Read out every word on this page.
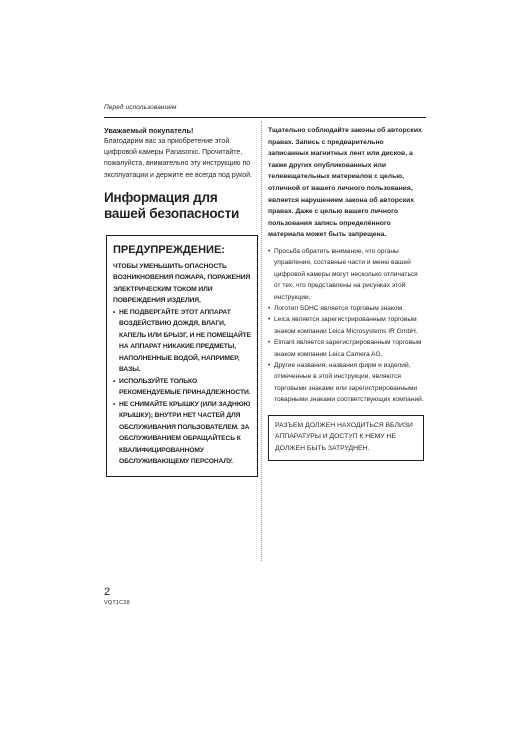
Перед использованием
Уважаемый покупатель!
Благодарим вас за приобретение этой цифровой камеры Panasonic. Прочитайте, пожалуйста, внимательно эту инструкцию по эксплуатации и держите ее всегда под рукой.
Информация для вашей безопасности
ПРЕДУПРЕЖДЕНИЕ:
ЧТОБЫ УМЕНЬШИТЬ ОПАСНОСТЬ ВОЗНИКНОВЕНИЯ ПОЖАРА, ПОРАЖЕНИЯ ЭЛЕКТРИЧЕСКИМ ТОКОМ ИЛИ ПОВРЕЖДЕНИЯ ИЗДЕЛИЯ,
• НЕ ПОДВЕРГАЙТЕ ЭТОТ АППАРАТ ВОЗДЕЙСТВИЮ ДОЖДЯ, ВЛАГИ, КАПЕЛЬ ИЛИ БРЫЗГ, И НЕ ПОМЕЩАЙТЕ НА АППАРАТ НИКАКИЕ ПРЕДМЕТЫ, НАПОЛНЕННЫЕ ВОДОЙ, НАПРИМЕР, ВАЗЫ.
• ИСПОЛЬЗУЙТЕ ТОЛЬКО РЕКОМЕНДУЕМЫЕ ПРИНАДЛЕЖНОСТИ.
• НЕ СНИМАЙТЕ КРЫШКУ (ИЛИ ЗАДНЮЮ КРЫШКУ); ВНУТРИ НЕТ ЧАСТЕЙ ДЛЯ ОБСЛУЖИВАНИЯ ПОЛЬЗОВАТЕЛЕМ. ЗА ОБСЛУЖИВАНИЕМ ОБРАЩАЙТЕСЬ К КВАЛИФИЦИРОВАННОМУ ОБСЛУЖИВАЮЩЕМУ ПЕРСОНАЛУ.
Тщательно соблюдайте законы об авторских правах. Запись с предварительно записанных магнитных лент или дисков, а также других опубликованных или телевещательных материалов с целью, отличной от вашего личного пользования, является нарушением закона об авторских правах. Даже с целью вашего личного пользования запись определённого материала может быть запрещена.
• Просьба обратить внимание, что органы управления, составные части и меню вашей цифровой камеры могут несколько отличаться от тех, что представлены на рисунках этой инструкции.
• Логотип SDHC является торговым знаком.
• Leica является зарегистрированным торговым знаком компании Leica Microsystems IR GmbH.
• Elmarit является зарегистрированным торговым знаком компании Leica Camera AG.
• Другие названия, названия фирм и изделий, отмеченные в этой инструкции, являются торговыми знаками или зарегистрированными товарными знаками соответствующих компаний.
РАЗЪЕМ ДОЛЖЕН НАХОДИТЬСЯ ВБЛИЗИ АППАРАТУРЫ И ДОСТУП К НЕМУ НЕ ДОЛЖЕН БЫТЬ ЗАТРУДНЕН.
2
VQT1C28
